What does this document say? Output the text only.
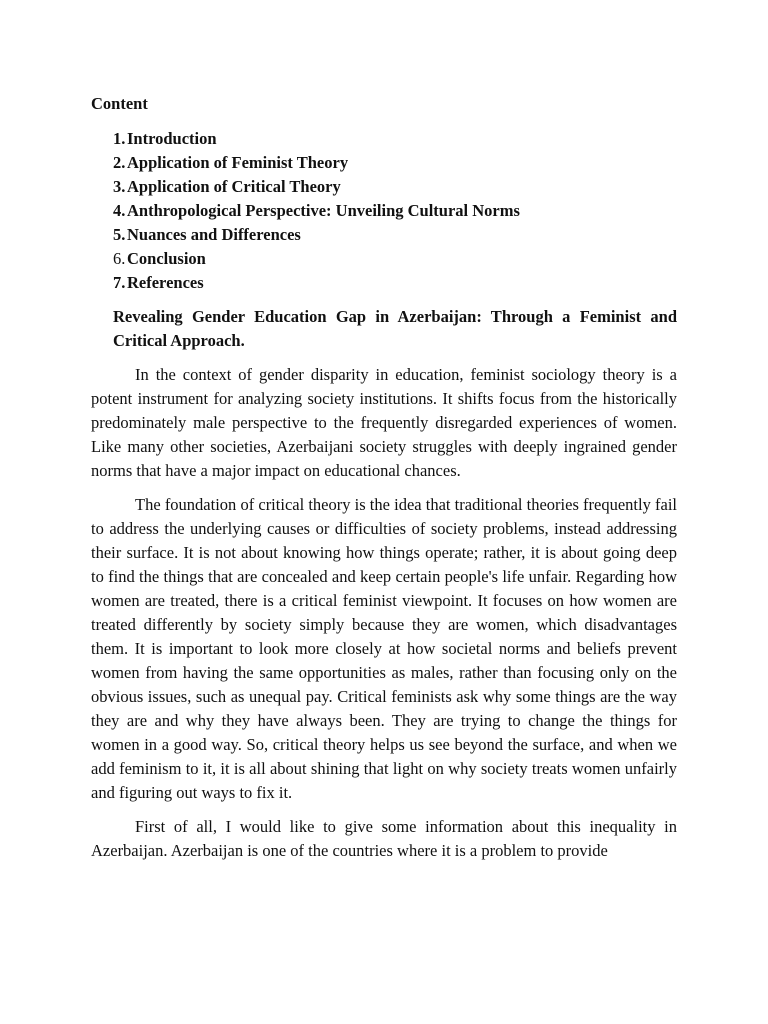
Content
1. Introduction
2. Application of Feminist Theory
3. Application of Critical Theory
4. Anthropological Perspective: Unveiling Cultural Norms
5. Nuances and Differences
6. Conclusion
7. References
Revealing Gender Education Gap in Azerbaijan: Through a Feminist and Critical Approach.

In the context of gender disparity in education, feminist sociology theory is a potent instrument for analyzing society institutions. It shifts focus from the historically predominately male perspective to the frequently disregarded experiences of women. Like many other societies, Azerbaijani society struggles with deeply ingrained gender norms that have a major impact on educational chances.

The foundation of critical theory is the idea that traditional theories frequently fail to address the underlying causes or difficulties of society problems, instead addressing their surface. It is not about knowing how things operate; rather, it is about going deep to find the things that are concealed and keep certain people's life unfair. Regarding how women are treated, there is a critical feminist viewpoint. It focuses on how women are treated differently by society simply because they are women, which disadvantages them. It is important to look more closely at how societal norms and beliefs prevent women from having the same opportunities as males, rather than focusing only on the obvious issues, such as unequal pay. Critical feminists ask why some things are the way they are and why they have always been. They are trying to change the things for women in a good way. So, critical theory helps us see beyond the surface, and when we add feminism to it, it is all about shining that light on why society treats women unfairly and figuring out ways to fix it.

First of all, I would like to give some information about this inequality in Azerbaijan. Azerbaijan is one of the countries where it is a problem to provide
